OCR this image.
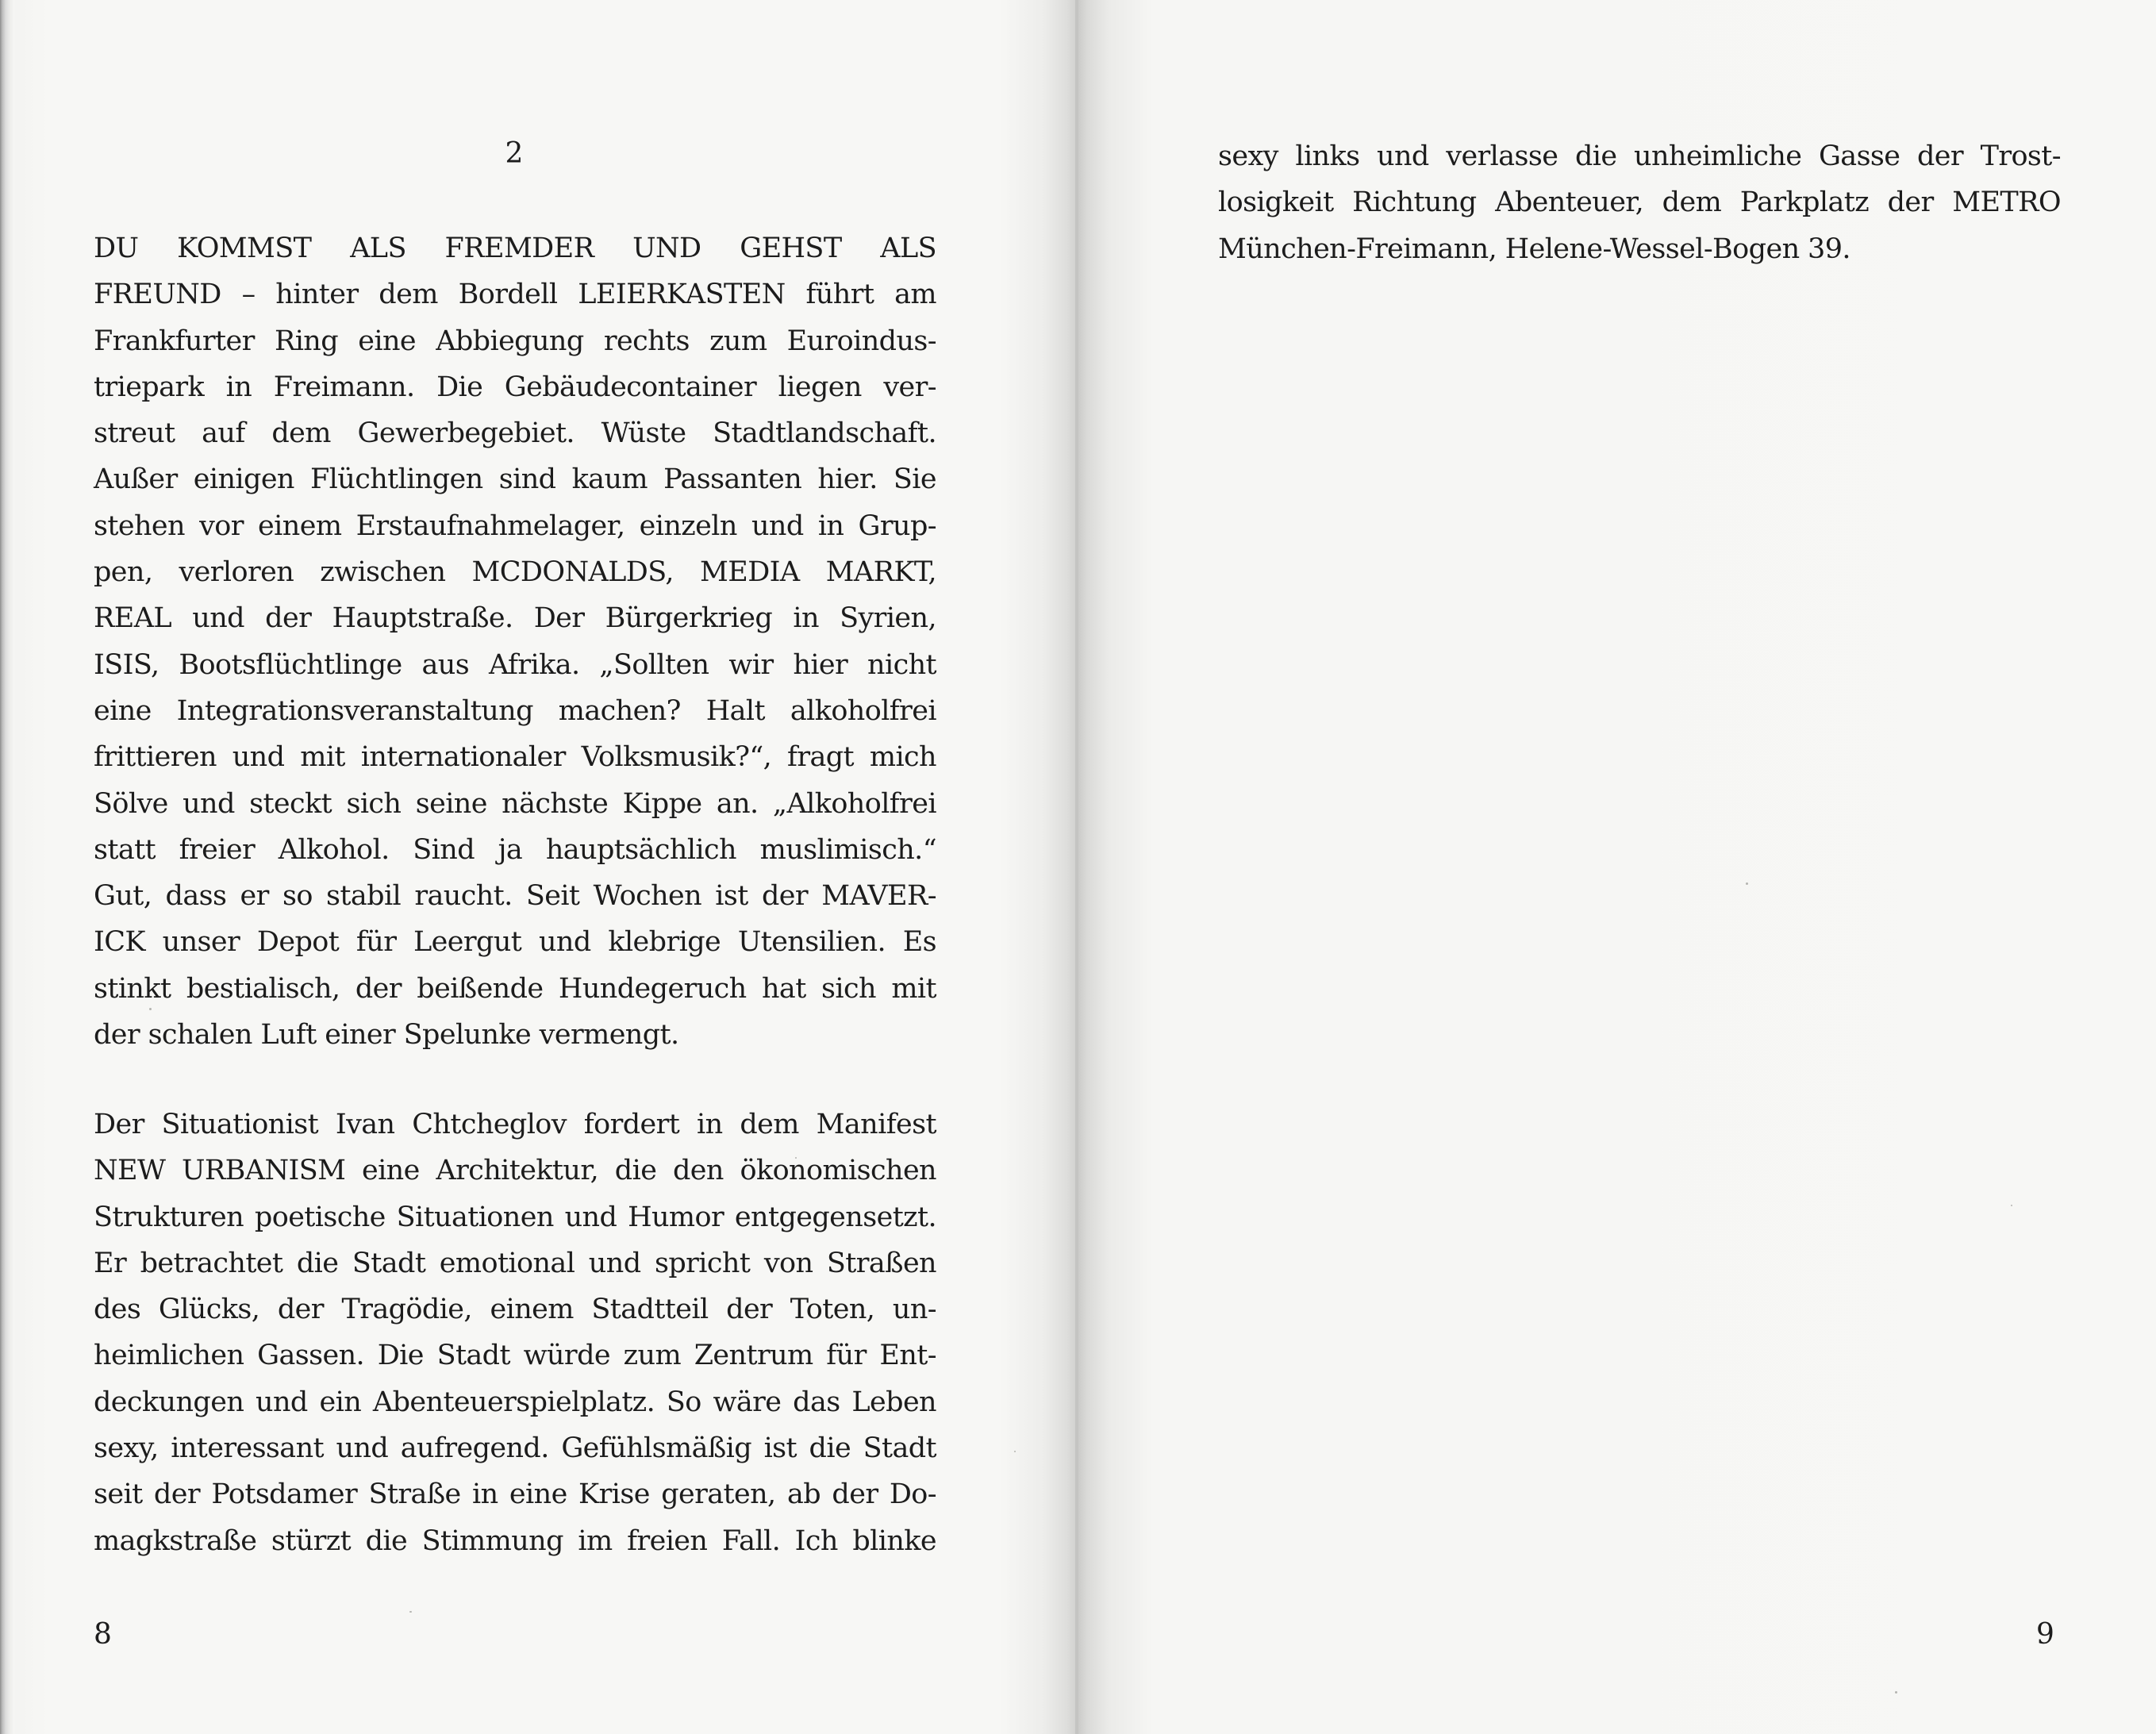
2
DU KOMMST ALS FREMDER UND GEHST ALS
FREUND – hinter dem Bordell LEIERKASTEN führt am
Frankfurter Ring eine Abbiegung rechts zum Euroindus-
triepark in Freimann. Die Gebäudecontainer liegen ver-
streut auf dem Gewerbegebiet. Wüste Stadtlandschaft.
Außer einigen Flüchtlingen sind kaum Passanten hier. Sie
stehen vor einem Erstaufnahmelager, einzeln und in Grup-
pen, verloren zwischen MCDONALDS, MEDIA MARKT,
REAL und der Hauptstraße. Der Bürgerkrieg in Syrien,
ISIS, Bootsflüchtlinge aus Afrika. „Sollten wir hier nicht
eine Integrationsveranstaltung machen? Halt alkoholfrei
frittieren und mit internationaler Volksmusik?“, fragt mich
Sölve und steckt sich seine nächste Kippe an. „Alkoholfrei
statt freier Alkohol. Sind ja hauptsächlich muslimisch.“
Gut, dass er so stabil raucht. Seit Wochen ist der MAVER-
ICK unser Depot für Leergut und klebrige Utensilien. Es
stinkt bestialisch, der beißende Hundegeruch hat sich mit
der schalen Luft einer Spelunke vermengt.
Der Situationist Ivan Chtcheglov fordert in dem Manifest
NEW URBANISM eine Architektur, die den ökonomischen
Strukturen poetische Situationen und Humor entgegensetzt.
Er betrachtet die Stadt emotional und spricht von Straßen
des Glücks, der Tragödie, einem Stadtteil der Toten, un-
heimlichen Gassen. Die Stadt würde zum Zentrum für Ent-
deckungen und ein Abenteuerspielplatz. So wäre das Leben
sexy, interessant und aufregend. Gefühlsmäßig ist die Stadt
seit der Potsdamer Straße in eine Krise geraten, ab der Do-
magkstraße stürzt die Stimmung im freien Fall. Ich blinke
8
sexy links und verlasse die unheimliche Gasse der Trost-
losigkeit Richtung Abenteuer, dem Parkplatz der METRO
München-Freimann, Helene-Wessel-Bogen 39.
9
